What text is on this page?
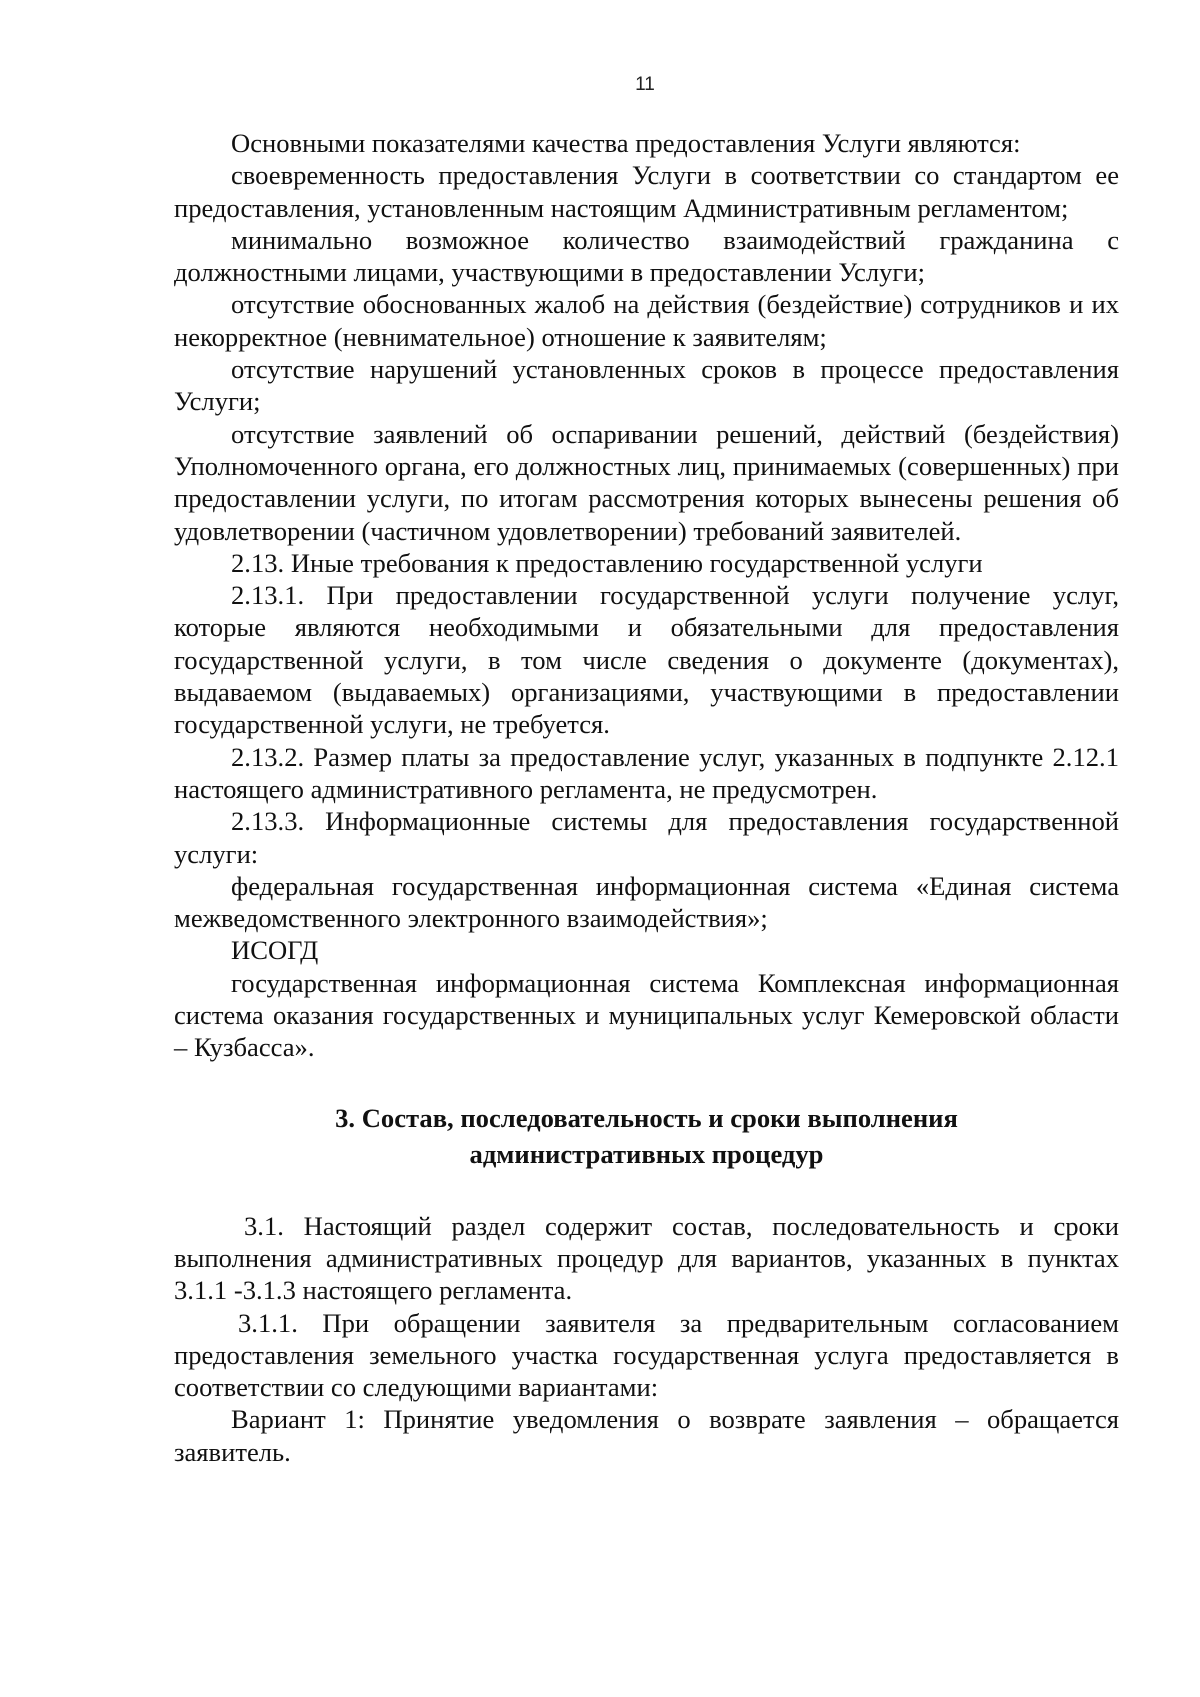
11

Основными показателями качества предоставления Услуги являются:

своевременность предоставления Услуги в соответствии со стандартом ее предоставления, установленным настоящим Административным регламентом;

минимально возможное количество взаимодействий гражданина с должностными лицами, участвующими в предоставлении Услуги;

отсутствие обоснованных жалоб на действия (бездействие) сотрудников и их некорректное (невнимательное) отношение к заявителям;

отсутствие нарушений установленных сроков в процессе предоставления Услуги;

отсутствие заявлений об оспаривании решений, действий (бездействия) Уполномоченного органа, его должностных лиц, принимаемых (совершенных) при предоставлении услуги, по итогам рассмотрения которых вынесены решения об удовлетворении (частичном удовлетворении) требований заявителей.

2.13. Иные требования к предоставлению государственной услуги

2.13.1. При предоставлении государственной услуги получение услуг, которые являются необходимыми и обязательными для предоставления государственной услуги, в том числе сведения о документе (документах), выдаваемом (выдаваемых) организациями, участвующими в предоставлении государственной услуги, не требуется.

2.13.2. Размер платы за предоставление услуг, указанных в подпункте 2.12.1 настоящего административного регламента, не предусмотрен.

2.13.3. Информационные системы для предоставления государственной услуги:

федеральная государственная информационная система «Единая система межведомственного электронного взаимодействия»;

ИСОГД

государственная информационная система Комплексная информационная система оказания государственных и муниципальных услуг Кемеровской области – Кузбасса».

3. Состав, последовательность и сроки выполнения
административных процедур

3.1. Настоящий раздел содержит состав, последовательность и сроки выполнения административных процедур для вариантов, указанных в пунктах 3.1.1 -3.1.3 настоящего регламента.

3.1.1. При обращении заявителя за предварительным согласованием предоставления земельного участка государственная услуга предоставляется в соответствии со следующими вариантами:

Вариант 1: Принятие уведомления о возврате заявления – обращается заявитель.
